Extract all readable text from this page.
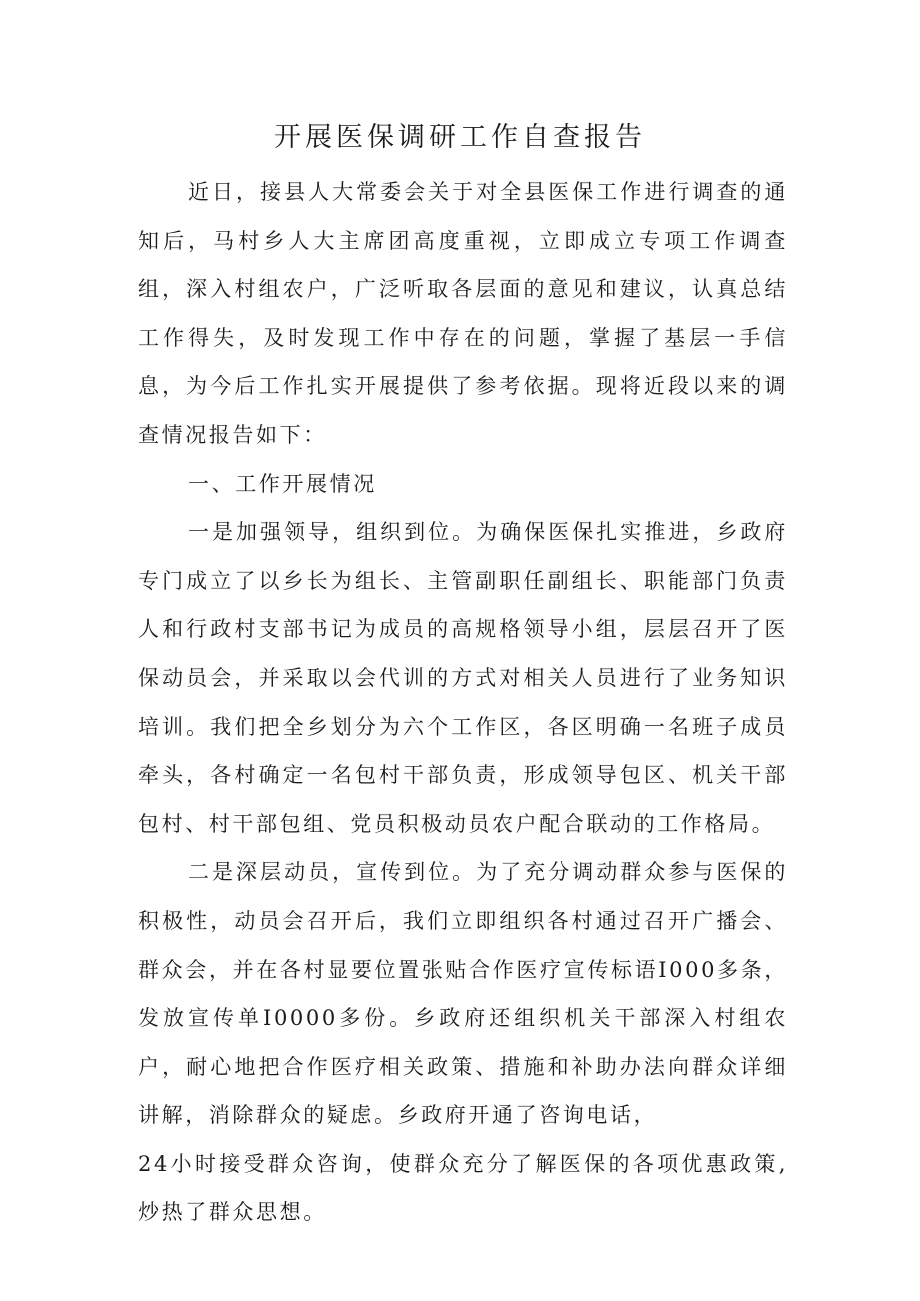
开展医保调研工作自查报告

近日，接县人大常委会关于对全县医保工作进行调查的通知后，马村乡人大主席团高度重视，立即成立专项工作调查组，深入村组农户，广泛听取各层面的意见和建议，认真总结工作得失，及时发现工作中存在的问题，掌握了基层一手信息，为今后工作扎实开展提供了参考依据。现将近段以来的调查情况报告如下：

一、工作开展情况

一是加强领导，组织到位。为确保医保扎实推进，乡政府专门成立了以乡长为组长、主管副职任副组长、职能部门负责人和行政村支部书记为成员的高规格领导小组，层层召开了医保动员会，并采取以会代训的方式对相关人员进行了业务知识培训。我们把全乡划分为六个工作区，各区明确一名班子成员牵头，各村确定一名包村干部负责，形成领导包区、机关干部包村、村干部包组、党员积极动员农户配合联动的工作格局。

二是深层动员，宣传到位。为了充分调动群众参与医保的积极性，动员会召开后，我们立即组织各村通过召开广播会、群众会，并在各村显要位置张贴合作医疗宣传标语I000多条，发放宣传单I0000多份。乡政府还组织机关干部深入村组农户，耐心地把合作医疗相关政策、措施和补助办法向群众详细讲解，消除群众的疑虑。乡政府开通了咨询电话，

24小时接受群众咨询，使群众充分了解医保的各项优惠政策,炒热了群众思想。
